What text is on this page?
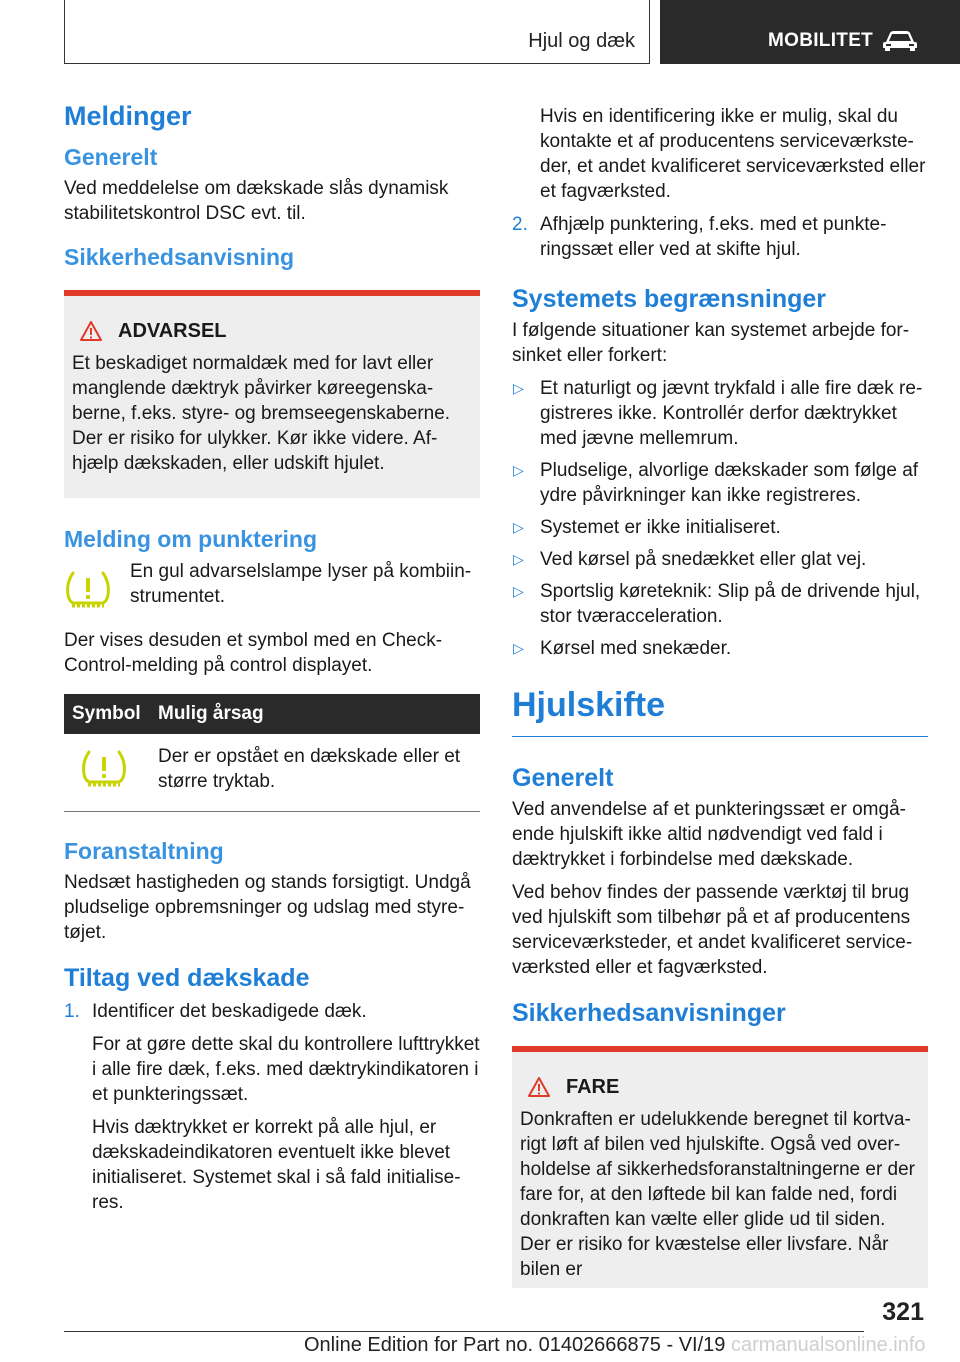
Hjul og dæk	MOBILITET
Meldinger
Generelt
Ved meddelelse om dækskade slås dynamisk stabilitetskontrol DSC evt. til.
Sikkerhedsanvisning
ADVARSEL
Et beskadiget normaldæk med for lavt eller manglende dæktryk påvirker køreegenskaberne, f.eks. styre- og bremseegenskaberne. Der er risiko for ulykker. Kør ikke videre. Afhjælp dækskaden, eller udskift hjulet.
Melding om punktering
En gul advarselslampe lyser på kombiinstrumentet.
Der vises desuden et symbol med en Check-Control-melding på control displayet.
Symbol Mulig årsag
Der er opstået en dækskade eller et større tryktab.
Foranstaltning
Nedsæt hastigheden og stands forsigtigt. Undgå pludselige opbremsninger og udslag med styretøjet.
Tiltag ved dækskade
1. Identificer det beskadigede dæk.
For at gøre dette skal du kontrollere lufttrykket i alle fire dæk, f.eks. med dæktrykindikatoren i et punkteringssæt.
Hvis dæktrykket er korrekt på alle hjul, er dækskadeindikatoren eventuelt ikke blevet initialiseret. Systemet skal i så fald initialiseres.
Hvis en identificering ikke er mulig, skal du kontakte et af producentens serviceværksteder, et andet kvalificeret serviceværksted eller et fagværksted.
2. Afhjælp punktering, f.eks. med et punkteringssæt eller ved at skifte hjul.
Systemets begrænsninger
I følgende situationer kan systemet arbejde forsinket eller forkert:
▷ Et naturligt og jævnt trykfald i alle fire dæk registreres ikke. Kontrollér derfor dæktrykket med jævne mellemrum.
▷ Pludselige, alvorlige dækskader som følge af ydre påvirkninger kan ikke registreres.
▷ Systemet er ikke initialiseret.
▷ Ved kørsel på snedækket eller glat vej.
▷ Sportslig køreteknik: Slip på de drivende hjul, stor tværacceleration.
▷ Kørsel med snekæder.
Hjulskifte
Generelt
Ved anvendelse af et punkteringssæt er omgående hjulskift ikke altid nødvendigt ved fald i dæktrykket i forbindelse med dækskade.
Ved behov findes der passende værktøj til brug ved hjulskift som tilbehør på et af producentens serviceværksteder, et andet kvalificeret serviceværksted eller et fagværksted.
Sikkerhedsanvisninger
FARE
Donkraften er udelukkende beregnet til kortvarigt løft af bilen ved hjulskifte. Også ved overholdelse af sikkerhedsforanstaltningerne er der fare for, at den løftede bil kan falde ned, fordi donkraften kan vælte eller glide ud til siden. Der er risiko for kvæstelse eller livsfare. Når bilen er
321
Online Edition for Part no. 01402666875 - VI/19 carmanualsonline.info
